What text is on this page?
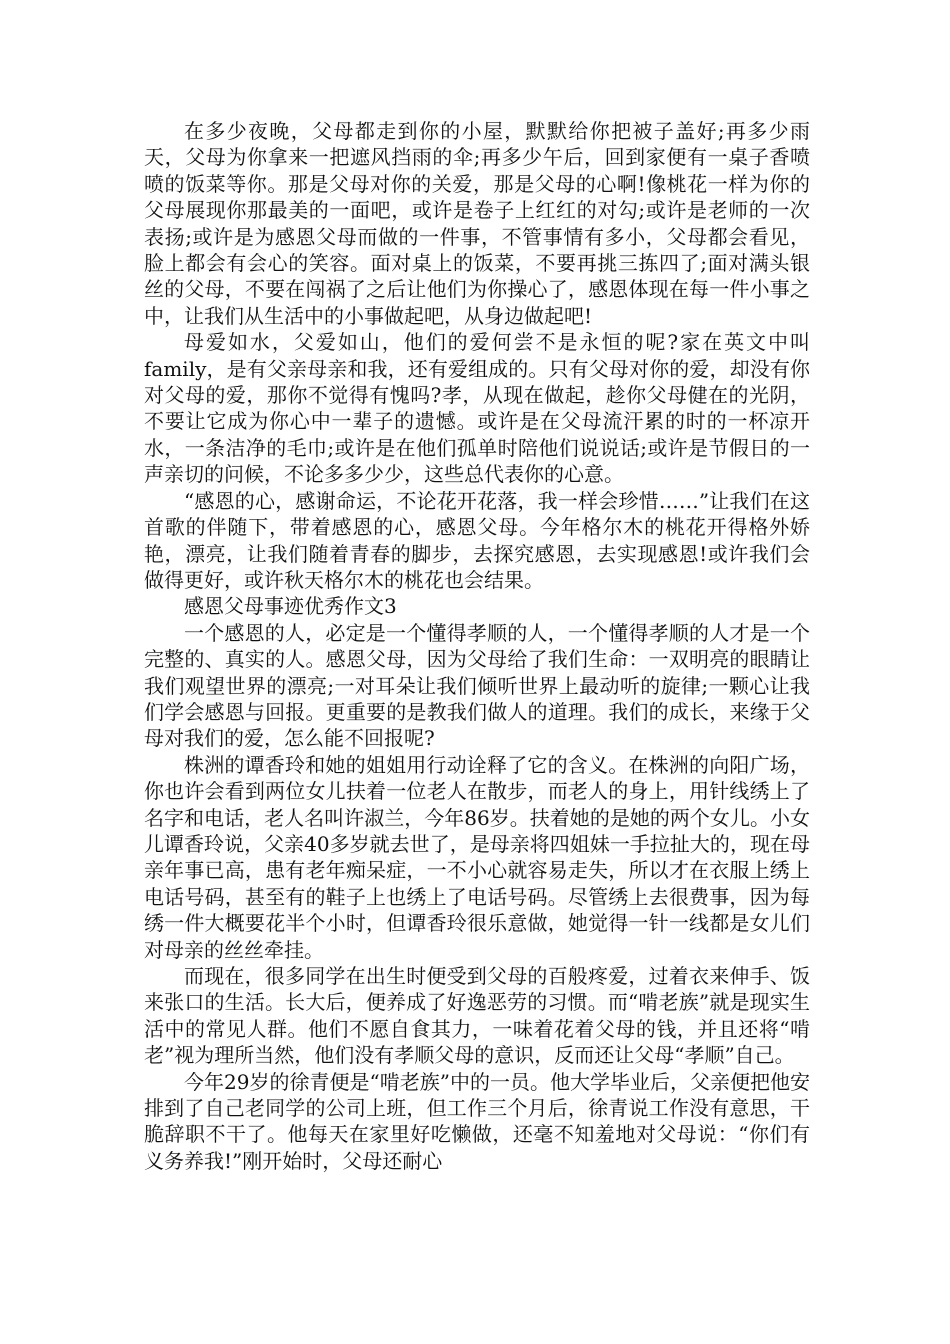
在多少夜晚，父母都走到你的小屋，默默给你把被子盖好;再多少雨天，父母为你拿来一把遮风挡雨的伞;再多少午后，回到家便有一桌子香喷喷的饭菜等你。那是父母对你的关爱，那是父母的心啊!像桃花一样为你的父母展现你那最美的一面吧，或许是卷子上红红的对勾;或许是老师的一次表扬;或许是为感恩父母而做的一件事，不管事情有多小，父母都会看见，脸上都会有会心的笑容。面对桌上的饭菜，不要再挑三拣四了;面对满头银丝的父母，不要在闯祸了之后让他们为你操心了，感恩体现在每一件小事之中，让我们从生活中的小事做起吧，从身边做起吧!

母爱如水，父爱如山，他们的爱何尝不是永恒的呢?家在英文中叫family，是有父亲母亲和我，还有爱组成的。只有父母对你的爱，却没有你对父母的爱，那你不觉得有愧吗?孝，从现在做起，趁你父母健在的光阴，不要让它成为你心中一辈子的遗憾。或许是在父母流汗累的时的一杯凉开水，一条洁净的毛巾;或许是在他们孤单时陪他们说说话;或许是节假日的一声亲切的问候，不论多多少少，这些总代表你的心意。

“感恩的心，感谢命运，不论花开花落，我一样会珍惜……”让我们在这首歌的伴随下，带着感恩的心，感恩父母。今年格尔木的桃花开得格外娇艳，漂亮，让我们随着青春的脚步，去探究感恩，去实现感恩!或许我们会做得更好，或许秋天格尔木的桃花也会结果。

感恩父母事迹优秀作文3

一个感恩的人，必定是一个懂得孝顺的人，一个懂得孝顺的人才是一个完整的、真实的人。感恩父母，因为父母给了我们生命：一双明亮的眼睛让我们观望世界的漂亮;一对耳朵让我们倾听世界上最动听的旋律;一颗心让我们学会感恩与回报。更重要的是教我们做人的道理。我们的成长，来缘于父母对我们的爱，怎么能不回报呢?

株洲的谭香玲和她的姐姐用行动诠释了它的含义。在株洲的向阳广场，你也许会看到两位女儿扶着一位老人在散步，而老人的身上，用针线绣上了名字和电话，老人名叫许淑兰，今年86岁。扶着她的是她的两个女儿。小女儿谭香玲说，父亲40多岁就去世了，是母亲将四姐妹一手拉扯大的，现在母亲年事已高，患有老年痴呆症，一不小心就容易走失，所以才在衣服上绣上电话号码，甚至有的鞋子上也绣上了电话号码。尽管绣上去很费事，因为每绣一件大概要花半个小时，但谭香玲很乐意做，她觉得一针一线都是女儿们对母亲的丝丝牵挂。

而现在，很多同学在出生时便受到父母的百般疼爱，过着衣来伸手、饭来张口的生活。长大后，便养成了好逸恶劳的习惯。而“啃老族”就是现实生活中的常见人群。他们不愿自食其力，一味着花着父母的钱，并且还将“啃老”视为理所当然，他们没有孝顺父母的意识，反而还让父母“孝顺”自己。

今年29岁的徐青便是“啃老族”中的一员。他大学毕业后，父亲便把他安排到了自己老同学的公司上班，但工作三个月后，徐青说工作没有意思，干脆辞职不干了。他每天在家里好吃懒做，还毫不知羞地对父母说：“你们有义务养我!”刚开始时，父母还耐心
